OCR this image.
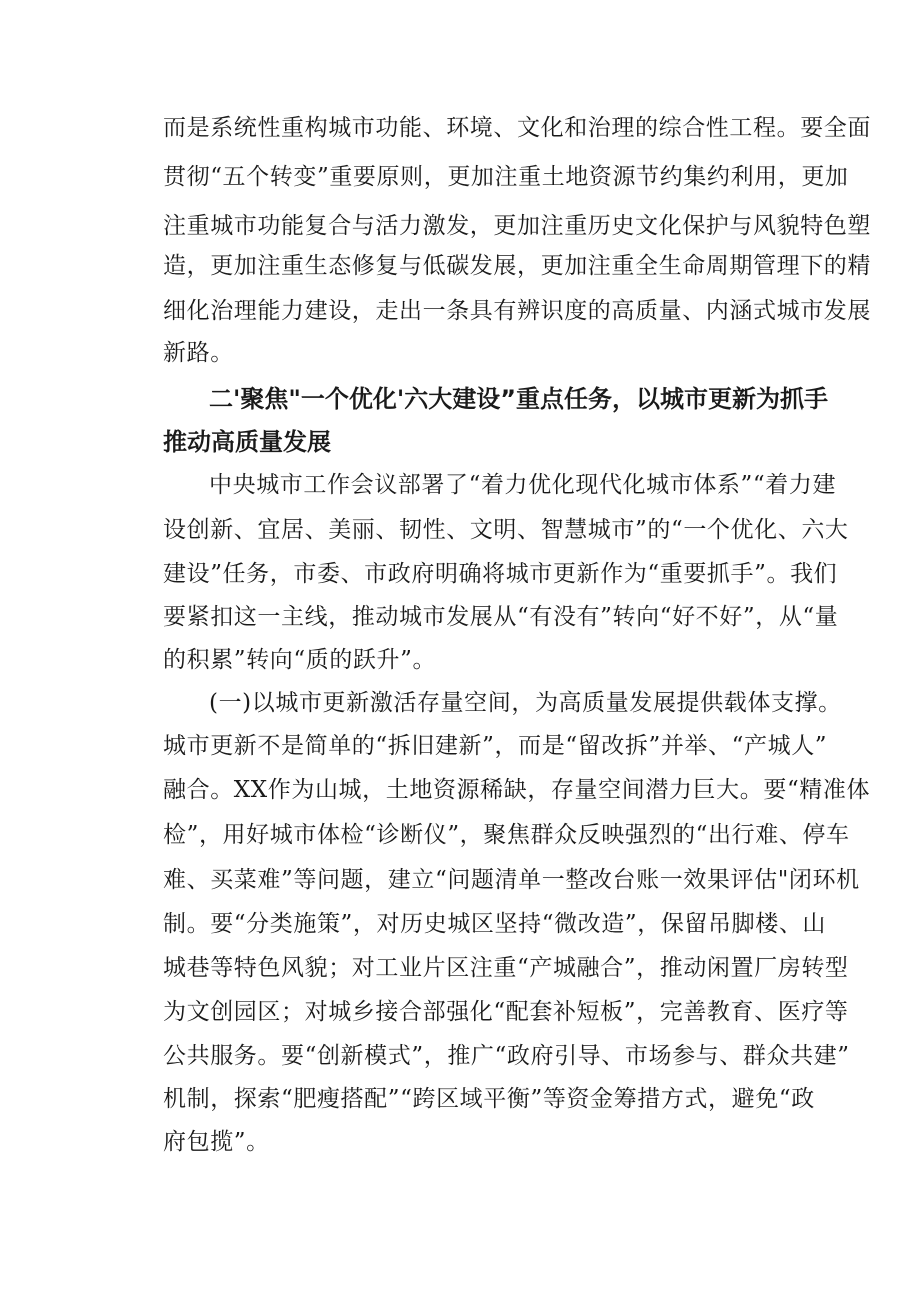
而是系统性重构城市功能、环境、文化和治理的综合性工程。要全面
贯彻“五个转变”重要原则，更加注重土地资源节约集约利用，更加
注重城市功能复合与活力激发，更加注重历史文化保护与风貌特色塑
造，更加注重生态修复与低碳发展，更加注重全生命周期管理下的精
细化治理能力建设，走出一条具有辨识度的高质量、内涵式城市发展
新路。
二'聚焦"一个优化'六大建设”重点任务，以城市更新为抓手
推动高质量发展
中央城市工作会议部署了“着力优化现代化城市体系”“着力建
设创新、宜居、美丽、韧性、文明、智慧城市”的“一个优化、六大
建设”任务，市委、市政府明确将城市更新作为“重要抓手”。我们
要紧扣这一主线，推动城市发展从“有没有”转向“好不好”，从“量
的积累”转向“质的跃升”。
(一)以城市更新激活存量空间，为高质量发展提供载体支撑。
城市更新不是简单的“拆旧建新”，而是“留改拆”并举、“产城人”
融合。XX作为山城，土地资源稀缺，存量空间潜力巨大。要“精准体
检”，用好城市体检“诊断仪”，聚焦群众反映强烈的“出行难、停车
难、买菜难”等问题，建立“问题清单一整改台账一效果评估"闭环机
制。要“分类施策”，对历史城区坚持“微改造”，保留吊脚楼、山
城巷等特色风貌；对工业片区注重“产城融合”，推动闲置厂房转型
为文创园区；对城乡接合部强化“配套补短板”，完善教育、医疗等
公共服务。要“创新模式”，推广“政府引导、市场参与、群众共建”
机制，探索“肥瘦搭配”“跨区域平衡”等资金筹措方式，避免“政
府包揽”。
